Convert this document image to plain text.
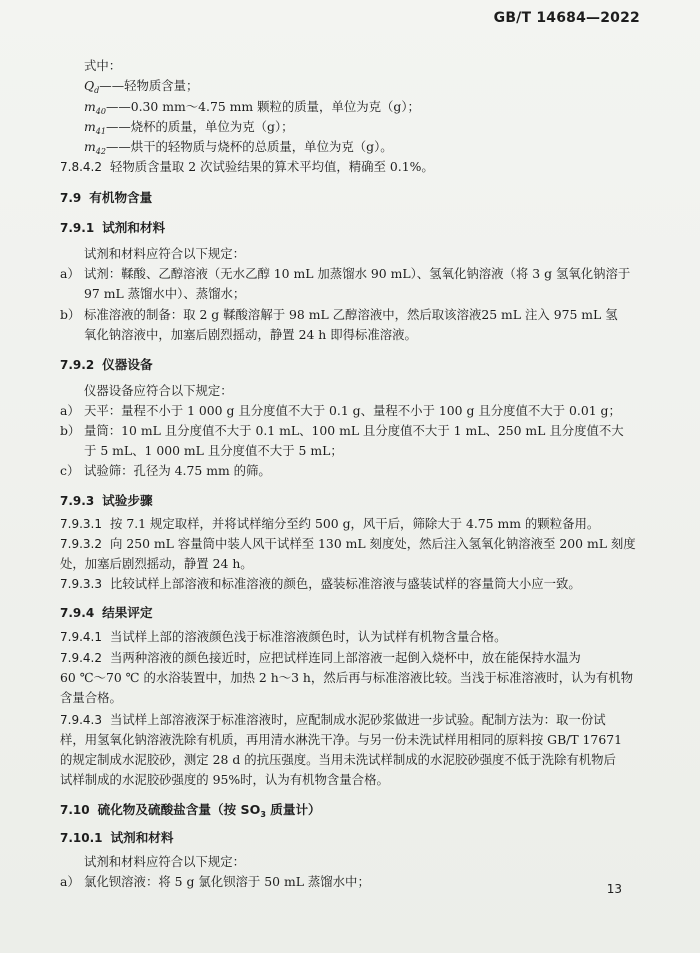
GB/T 14684—2022
式中：
$Q_d——$轻物质含量；
$m_{40}——0.30$ mm～4.75 mm 颗粒的质量，单位为克（g）；
$m_{41}——$烧杯的质量，单位为克（g）；
$m_{42}——$烘干的轻物质与烧杯的总质量，单位为克（g）。
7.8.4.2 轻物质含量取 2 次试验结果的算术平均值，精确至 0.1%。
7.9 有机物含量
7.9.1 试剂和材料
试剂和材料应符合以下规定：
a） 试剂：鞣酸、乙醇溶液（无水乙醇 10 mL 加蒸馏水 90 mL）、氢氧化钠溶液（将 3 g 氢氧化钠溶于
97 mL 蒸馏水中）、蒸馏水；
b） 标准溶液的制备：取 2 g 鞣酸溶解于 98 mL 乙醇溶液中，然后取该溶液25 mL 注入 975 mL 氢
氧化钠溶液中，加塞后剧烈摇动，静置 24 h 即得标准溶液。
7.9.2 仪器设备
仪器设备应符合以下规定：
a） 天平：量程不小于 1 000 g 且分度值不大于 0.1 g、量程不小于 100 g 且分度值不大于 0.01 g；
b） 量筒：10 mL 且分度值不大于 0.1 mL、100 mL 且分度值不大于 1 mL、250 mL 且分度值不大
于 5 mL、1 000 mL 且分度值不大于 5 mL；
c） 试验筛：孔径为 4.75 mm 的筛。
7.9.3 试验步骤
7.9.3.1 按 7.1 规定取样，并将试样缩分至约 500 g，风干后，筛除大于 4.75 mm 的颗粒备用。
7.9.3.2 向 250 mL 容量筒中装人风干试样至 130 mL 刻度处，然后注入氢氧化钠溶液至 200 mL 刻度
处，加塞后剧烈摇动，静置 24 h。
7.9.3.3 比较试样上部溶液和标准溶液的颜色，盛装标准溶液与盛装试样的容量筒大小应一致。
7.9.4 结果评定
7.9.4.1 当试样上部的溶液颜色浅于标准溶液颜色时，认为试样有机物含量合格。
7.9.4.2 当两种溶液的颜色接近时，应把试样连同上部溶液一起倒入烧杯中，放在能保持水温为
60 ℃～70 ℃ 的水浴装置中，加热 2 h～3 h，然后再与标准溶液比较。当浅于标准溶液时，认为有机物
含量合格。
7.9.4.3 当试样上部溶液深于标准溶液时，应配制成水泥砂浆做进一步试验。配制方法为：取一份试
样，用氢氧化钠溶液洗除有机质，再用清水淋洗干净。与另一份未洗试样用相同的原料按 GB/T 17671
的规定制成水泥胶砂，测定 28 d 的抗压强度。当用未洗试样制成的水泥胶砂强度不低于洗除有机物后
试样制成的水泥胶砂强度的 95%时，认为有机物含量合格。
7.10 硫化物及硫酸盐含量（按 $SO_3$ 质量计）
7.10.1 试剂和材料
试剂和材料应符合以下规定：
a） 氯化钡溶液：将 5 g 氯化钡溶于 50 mL 蒸馏水中；	13
